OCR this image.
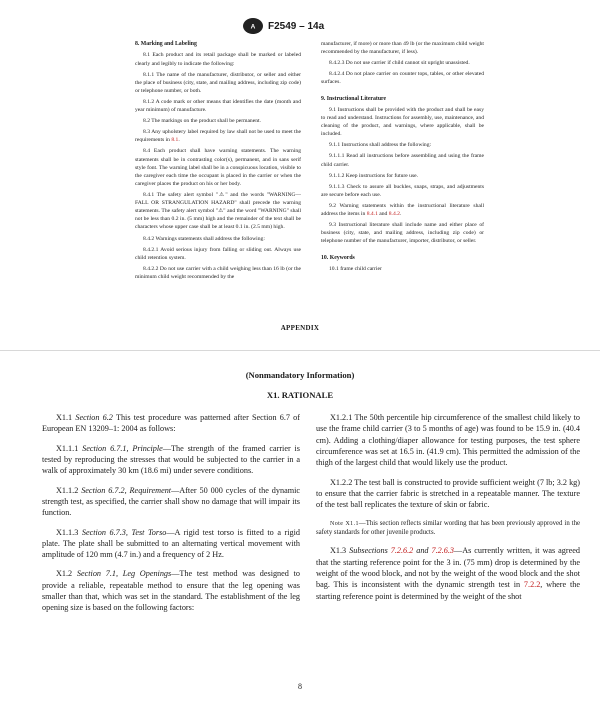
A F2549 – 14a
8. Marking and Labeling
8.1 Each product and its retail package shall be marked or labeled clearly and legibly to indicate the following:
8.1.1 The name of the manufacturer, distributor, or seller and either the place of business (city, state, and mailing address, including zip code) or telephone number, or both.
8.1.2 A code mark or other means that identifies the date (month and year minimum) of manufacture.
8.2 The markings on the product shall be permanent.
8.3 Any upholstery label required by law shall not be used to meet the requirements in 8.1.
8.4 Each product shall have warning statements. The warning statements shall be in contrasting color(s), permanent, and in sans serif style font. The warning label shall be in a conspicuous location, visible to the caregiver each time the occupant is placed in the carrier or when the caregiver places the product on his or her body.
8.4.1 The safety alert symbol "⚠" and the words "WARNING—FALL OR STRANGULATION HAZARD" shall precede the warning statements. The safety alert symbol "⚠" and the word "WARNING" shall not be less than 0.2 in. (5 mm) high and the remainder of the text shall be characters whose upper case shall be at least 0.1 in. (2.5 mm) high.
8.4.2 Warnings statements shall address the following:
8.4.2.1 Avoid serious injury from falling or sliding out. Always use child retention system.
8.4.2.2 Do not use carrier with a child weighing less than 16 lb (or the minimum child weight recommended by the
manufacturer, if more) or more than 49 lb (or the maximum child weight recommended by the manufacturer, if less).
8.4.2.3 Do not use carrier if child cannot sit upright unassisted.
8.4.2.4 Do not place carrier on counter tops, tables, or other elevated surfaces.
9. Instructional Literature
9.1 Instructions shall be provided with the product and shall be easy to read and understand. Instructions for assembly, use, maintenance, and cleaning of the product, and warnings, where applicable, shall be included.
9.1.1 Instructions shall address the following:
9.1.1.1 Read all instructions before assembling and using the frame child carrier.
9.1.1.2 Keep instructions for future use.
9.1.1.3 Check to assure all buckles, snaps, straps, and adjustments are secure before each use.
9.2 Warning statements within the instructional literature shall address the items in 8.4.1 and 8.4.2.
9.3 Instructional literature shall include name and either place of business (city, state, and mailing address, including zip code) or telephone number of the manufacturer, importer, distributor, or seller.
10. Keywords
10.1 frame child carrier
APPENDIX
(Nonmandatory Information)
X1. RATIONALE
X1.1 Section 6.2 This test procedure was patterned after Section 6.7 of European EN 13209–1: 2004 as follows:
X1.1.1 Section 6.7.1, Principle—The strength of the framed carrier is tested by reproducing the stresses that would be subjected to the carrier in a walk of approximately 30 km (18.6 mi) under severe conditions.
X1.1.2 Section 6.7.2, Requirement—After 50 000 cycles of the dynamic strength test, as specified, the carrier shall show no damage that will impair its function.
X1.1.3 Section 6.7.3, Test Torso—A rigid test torso is fitted to a rigid plate. The plate shall be submitted to an alternating vertical movement with amplitude of 120 mm (4.7 in.) and a frequency of 2 Hz.
X1.2 Section 7.1, Leg Openings—The test method was designed to provide a reliable, repeatable method to ensure that the leg opening was smaller than that, which was set in the standard. The establishment of the leg opening size is based on the following factors:
X1.2.1 The 50th percentile hip circumference of the smallest child likely to use the frame child carrier (3 to 5 months of age) was found to be 15.9 in. (40.4 cm). Adding a clothing/diaper allowance for testing purposes, the test sphere circumference was set at 16.5 in. (41.9 cm). This permitted the admission of the thigh of the largest child that would likely use the product.
X1.2.2 The test ball is constructed to provide sufficient weight (7 lb; 3.2 kg) to ensure that the carrier fabric is stretched in a repeatable manner. The texture of the test ball replicates the texture of skin or fabric.
Note X1.1—This section reflects similar wording that has been previously approved in the safety standards for other juvenile products.
X1.3 Subsections 7.2.6.2 and 7.2.6.3—As currently written, it was agreed that the starting reference point for the 3 in. (75 mm) drop is determined by the weight of the wood block, and not by the weight of the wood block and the shot bag. This is inconsistent with the dynamic strength test in 7.2.2, where the starting reference point is determined by the weight of the shot
8
